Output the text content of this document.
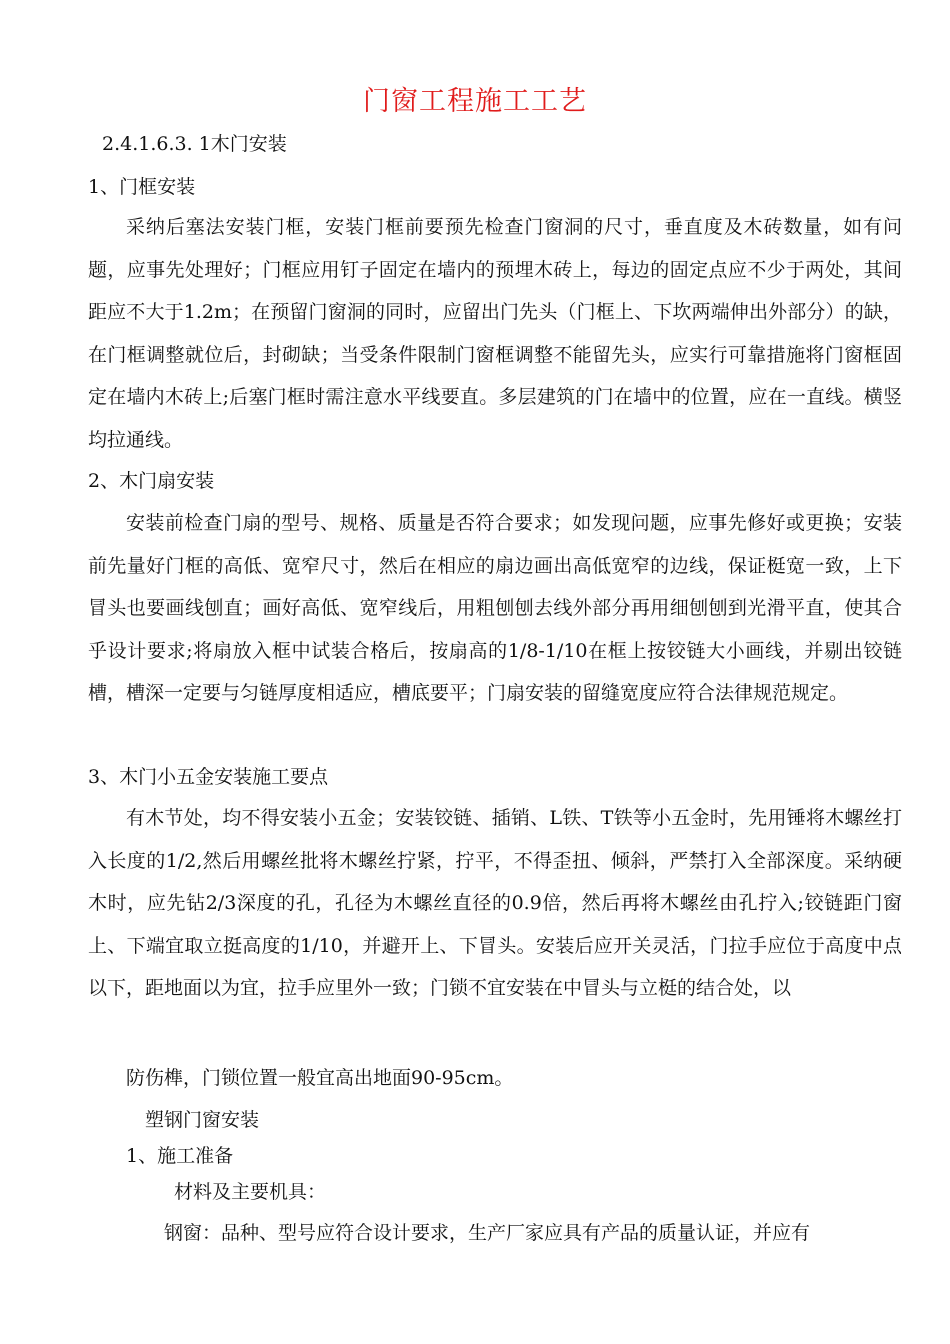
门窗工程施工工艺
2.4.1.6.3. 1木门安装
1、门框安装
采纳后塞法安装门框，安装门框前要预先检查门窗洞的尺寸，垂直度及木砖数量，如有问题，应事先处理好；门框应用钉子固定在墙内的预埋木砖上，每边的固定点应不少于两处，其间距应不大于1.2m；在预留门窗洞的同时，应留出门先头（门框上、下坎两端伸出外部分）的缺，在门框调整就位后，封砌缺；当受条件限制门窗框调整不能留先头，应实行可靠措施将门窗框固定在墙内木砖上;后塞门框时需注意水平线要直。多层建筑的门在墙中的位置，应在一直线。横竖均拉通线。
2、木门扇安装
安装前检查门扇的型号、规格、质量是否符合要求；如发现问题，应事先修好或更换；安装前先量好门框的高低、宽窄尺寸，然后在相应的扇边画出高低宽窄的边线，保证梃宽一致，上下冒头也要画线刨直；画好高低、宽窄线后，用粗刨刨去线外部分再用细刨刨到光滑平直，使其合乎设计要求;将扇放入框中试装合格后，按扇高的1/8-1/10在框上按铰链大小画线，并剔出铰链槽，槽深一定要与匀链厚度相适应，槽底要平；门扇安装的留缝宽度应符合法律规范规定。
3、木门小五金安装施工要点
有木节处，均不得安装小五金；安装铰链、插销、L铁、T铁等小五金时，先用锤将木螺丝打入长度的1/2,然后用螺丝批将木螺丝拧紧，拧平，不得歪扭、倾斜，严禁打入全部深度。采纳硬木时，应先钻2/3深度的孔，孔径为木螺丝直径的0.9倍，然后再将木螺丝由孔拧入;铰链距门窗上、下端宜取立挺高度的1/10，并避开上、下冒头。安装后应开关灵活，门拉手应位于高度中点以下，距地面以为宜，拉手应里外一致；门锁不宜安装在中冒头与立梃的结合处，以
防伤榫，门锁位置一般宜高出地面90-95cm。
塑钢门窗安装
1、施工准备
材料及主要机具：
钢窗：品种、型号应符合设计要求，生产厂家应具有产品的质量认证，并应有
